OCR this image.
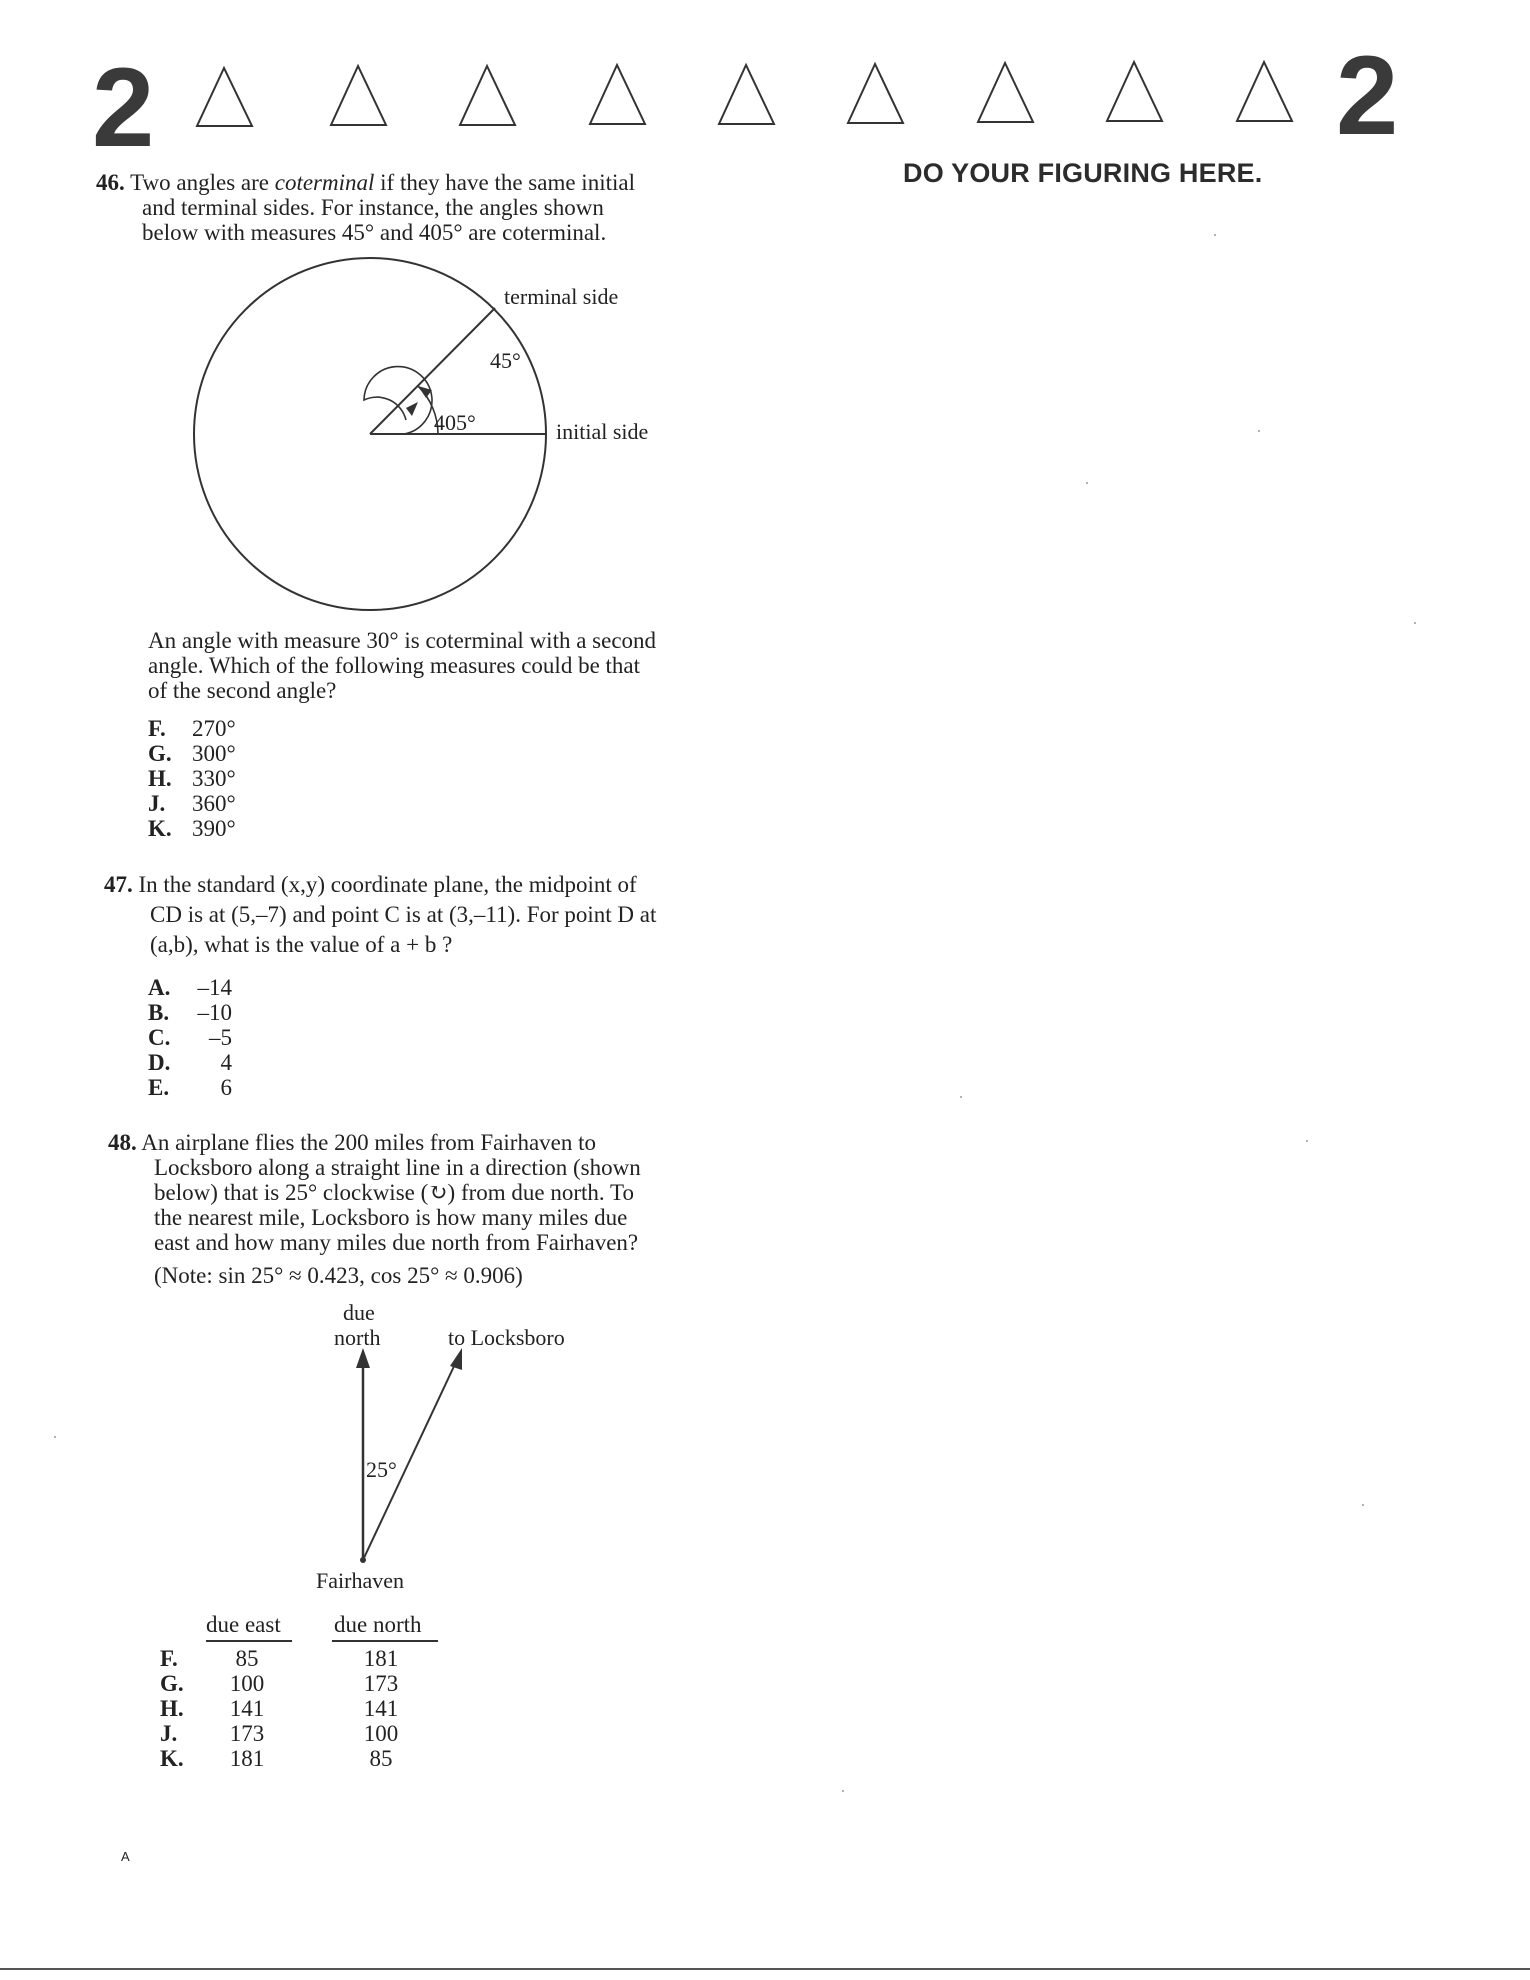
2	2
DO YOUR FIGURING HERE.
46. Two angles are coterminal if they have the same initial
and terminal sides. For instance, the angles shown
below with measures 45° and 405° are coterminal.
terminal side
initial side
45°
405°
An angle with measure 30° is coterminal with a second
angle. Which of the following measures could be that
of the second angle?
F. 270°
G. 300°
H. 330°
J. 360°
K. 390°
47. In the standard (x,y) coordinate plane, the midpoint of
CD is at (5,–7) and point C is at (3,–11). For point D at
(a,b), what is the value of a + b ?
A. –14
B. –10
C. –5
D. 4
E. 6
48. An airplane flies the 200 miles from Fairhaven to
Locksboro along a straight line in a direction (shown
below) that is 25° clockwise (↻) from due north. To
the nearest mile, Locksboro is how many miles due
east and how many miles due north from Fairhaven?
(Note: sin 25° ≈ 0.423, cos 25° ≈ 0.906)
due
north	to Locksboro
25°
Fairhaven
due east due north
F.	85	181
G.	100	173
H.	141	141
J.	173	100
K.	181	85
A
